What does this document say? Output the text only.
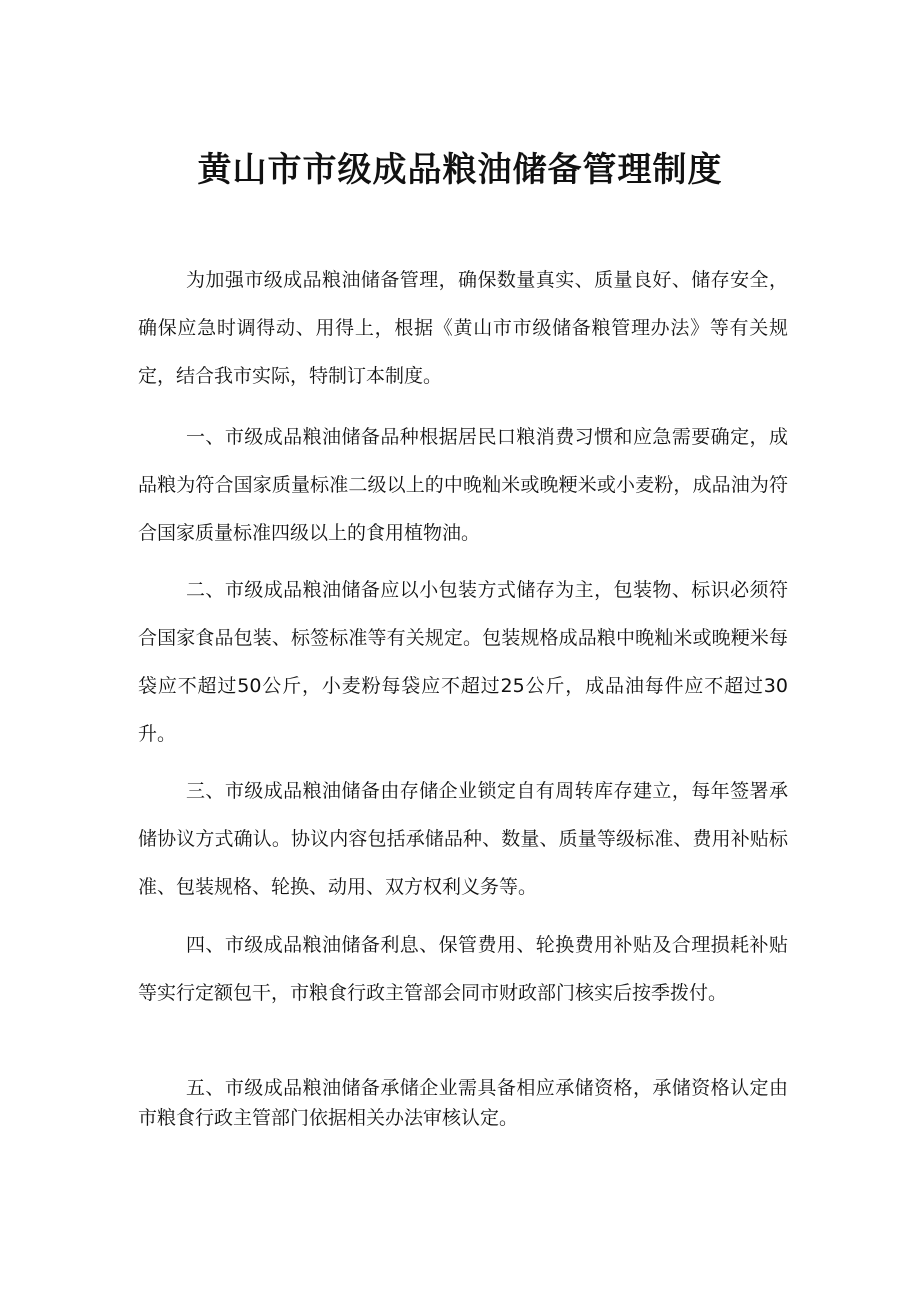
黄山市市级成品粮油储备管理制度

为加强市级成品粮油储备管理，确保数量真实、质量良好、储存安全，确保应急时调得动、用得上，根据《黄山市市级储备粮管理办法》等有关规定，结合我市实际，特制订本制度。

一、市级成品粮油储备品种根据居民口粮消费习惯和应急需要确定，成品粮为符合国家质量标准二级以上的中晚籼米或晚粳米或小麦粉，成品油为符合国家质量标准四级以上的食用植物油。

二、市级成品粮油储备应以小包装方式储存为主，包装物、标识必须符合国家食品包装、标签标准等有关规定。包装规格成品粮中晚籼米或晚粳米每袋应不超过50公斤，小麦粉每袋应不超过25公斤，成品油每件应不超过30升。

三、市级成品粮油储备由存储企业锁定自有周转库存建立，每年签署承储协议方式确认。协议内容包括承储品种、数量、质量等级标准、费用补贴标准、包装规格、轮换、动用、双方权利义务等。

四、市级成品粮油储备利息、保管费用、轮换费用补贴及合理损耗补贴等实行定额包干，市粮食行政主管部会同市财政部门核实后按季拨付。

五、市级成品粮油储备承储企业需具备相应承储资格，承储资格认定由市粮食行政主管部门依据相关办法审核认定。
